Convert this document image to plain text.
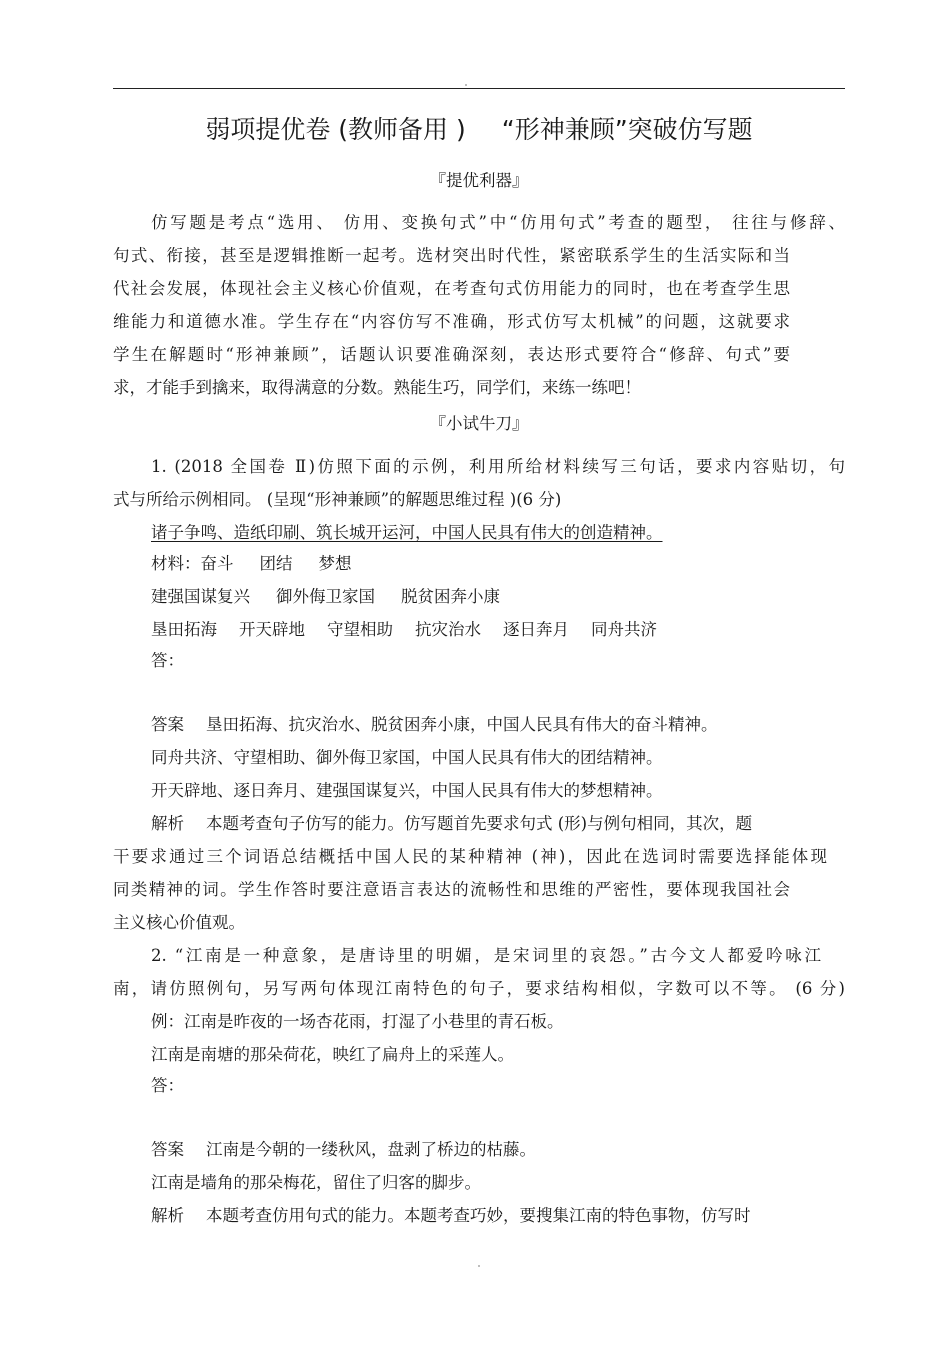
弱项提优卷 (教师备用 ) “形神兼顾”突破仿写题
『提优利器』
仿写题是考点“选用、 仿用、变换句式”中“仿用句式”考查的题型， 往往与修辞、
句式、衔接，甚至是逻辑推断一起考。选材突出时代性，紧密联系学生的生活实际和当
代社会发展，体现社会主义核心价值观，在考查句式仿用能力的同时，也在考查学生思
维能力和道德水准。学生存在“内容仿写不准确，形式仿写太机械”的问题，这就要求
学生在解题时“形神兼顾”，话题认识要准确深刻，表达形式要符合“修辞、句式”要
求，才能手到擒来，取得满意的分数。熟能生巧，同学们，来练一练吧！
『小试牛刀』
1. (2018 全国卷 Ⅱ)仿照下面的示例，利用所给材料续写三句话，要求内容贴切，句
式与所给示例相同。 (呈现“形神兼顾”的解题思维过程 )(6 分)
诸子争鸣、造纸印刷、筑长城开运河，中国人民具有伟大的创造精神。
材料：奋斗 团结 梦想
建强国谋复兴 御外侮卫家国 脱贫困奔小康
垦田拓海 开天辟地 守望相助 抗灾治水 逐日奔月 同舟共济
答：
答案 垦田拓海、抗灾治水、脱贫困奔小康，中国人民具有伟大的奋斗精神。
同舟共济、守望相助、御外侮卫家国，中国人民具有伟大的团结精神。
开天辟地、逐日奔月、建强国谋复兴，中国人民具有伟大的梦想精神。
解析 本题考查句子仿写的能力。仿写题首先要求句式 (形)与例句相同，其次，题
干要求通过三个词语总结概括中国人民的某种精神 (神)，因此在选词时需要选择能体现
同类精神的词。学生作答时要注意语言表达的流畅性和思维的严密性，要体现我国社会
主义核心价值观。
2. “江南是一种意象，是唐诗里的明媚，是宋词里的哀怨。”古今文人都爱吟咏江
南，请仿照例句，另写两句体现江南特色的句子，要求结构相似，字数可以不等。 (6 分)
例：江南是昨夜的一场杏花雨，打湿了小巷里的青石板。
江南是南塘的那朵荷花，映红了扁舟上的采莲人。
答：
答案 江南是今朝的一缕秋风，盘剥了桥边的枯藤。
江南是墙角的那朵梅花，留住了归客的脚步。
解析 本题考查仿用句式的能力。本题考查巧妙，要搜集江南的特色事物，仿写时
